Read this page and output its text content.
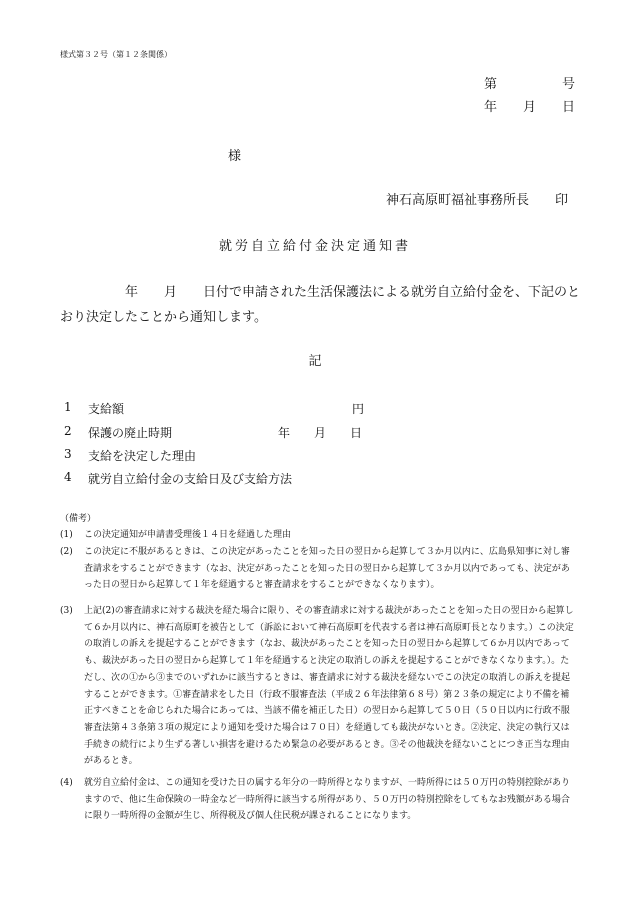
様式第３２号（第１２条関係）
第　　　　　号
年　　月　　日
様
神石高原町福祉事務所長　　印
就労自立給付金決定通知書
　　　　　年　　月　　日付で申請された生活保護法による就労自立給付金を、下記のとおり決定したことから通知します。
記
1 支給額	円
2 保護の廃止時期	年　　月　　日
3 支給を決定した理由
4 就労自立給付金の支給日及び支給方法
（備考）
(1) この決定通知が申請書受理後１４日を経過した理由
(2) この決定に不服があるときは、この決定があったことを知った日の翌日から起算して３か月以内に、広島県知事に対し審査請求をすることができます（なお、決定があったことを知った日の翌日から起算して３か月以内であっても、決定があった日の翌日から起算して１年を経過すると審査請求をすることができなくなります）。
(3) 上記(2)の審査請求に対する裁決を経た場合に限り、その審査請求に対する裁決があったことを知った日の翌日から起算して６か月以内に、神石高原町を被告として（訴訟において神石高原町を代表する者は神石高原町長となります。）この決定の取消しの訴えを提起することができます（なお、裁決があったことを知った日の翌日から起算して６か月以内であっても、裁決があった日の翌日から起算して１年を経過すると決定の取消しの訴えを提起することができなくなります。）。ただし、次の①から③までのいずれかに該当するときは、審査請求に対する裁決を経ないでこの決定の取消しの訴えを提起することができます。①審査請求をした日（行政不服審査法（平成２６年法律第６８号）第２３条の規定により不備を補正すべきことを命じられた場合にあっては、当該不備を補正した日）の翌日から起算して５０日（５０日以内に行政不服審査法第４３条第３項の規定により通知を受けた場合は７０日）を経過しても裁決がないとき。②決定、決定の執行又は手続きの続行により生ずる著しい損害を避けるため緊急の必要があるとき。③その他裁決を経ないことにつき正当な理由があるとき。
(4) 就労自立給付金は、この通知を受けた日の属する年分の一時所得となりますが、一時所得には５０万円の特別控除がありますので、他に生命保険の一時金など一時所得に該当する所得があり、５０万円の特別控除をしてもなお残額がある場合に限り一時所得の金額が生じ、所得税及び個人住民税が課されることになります。
